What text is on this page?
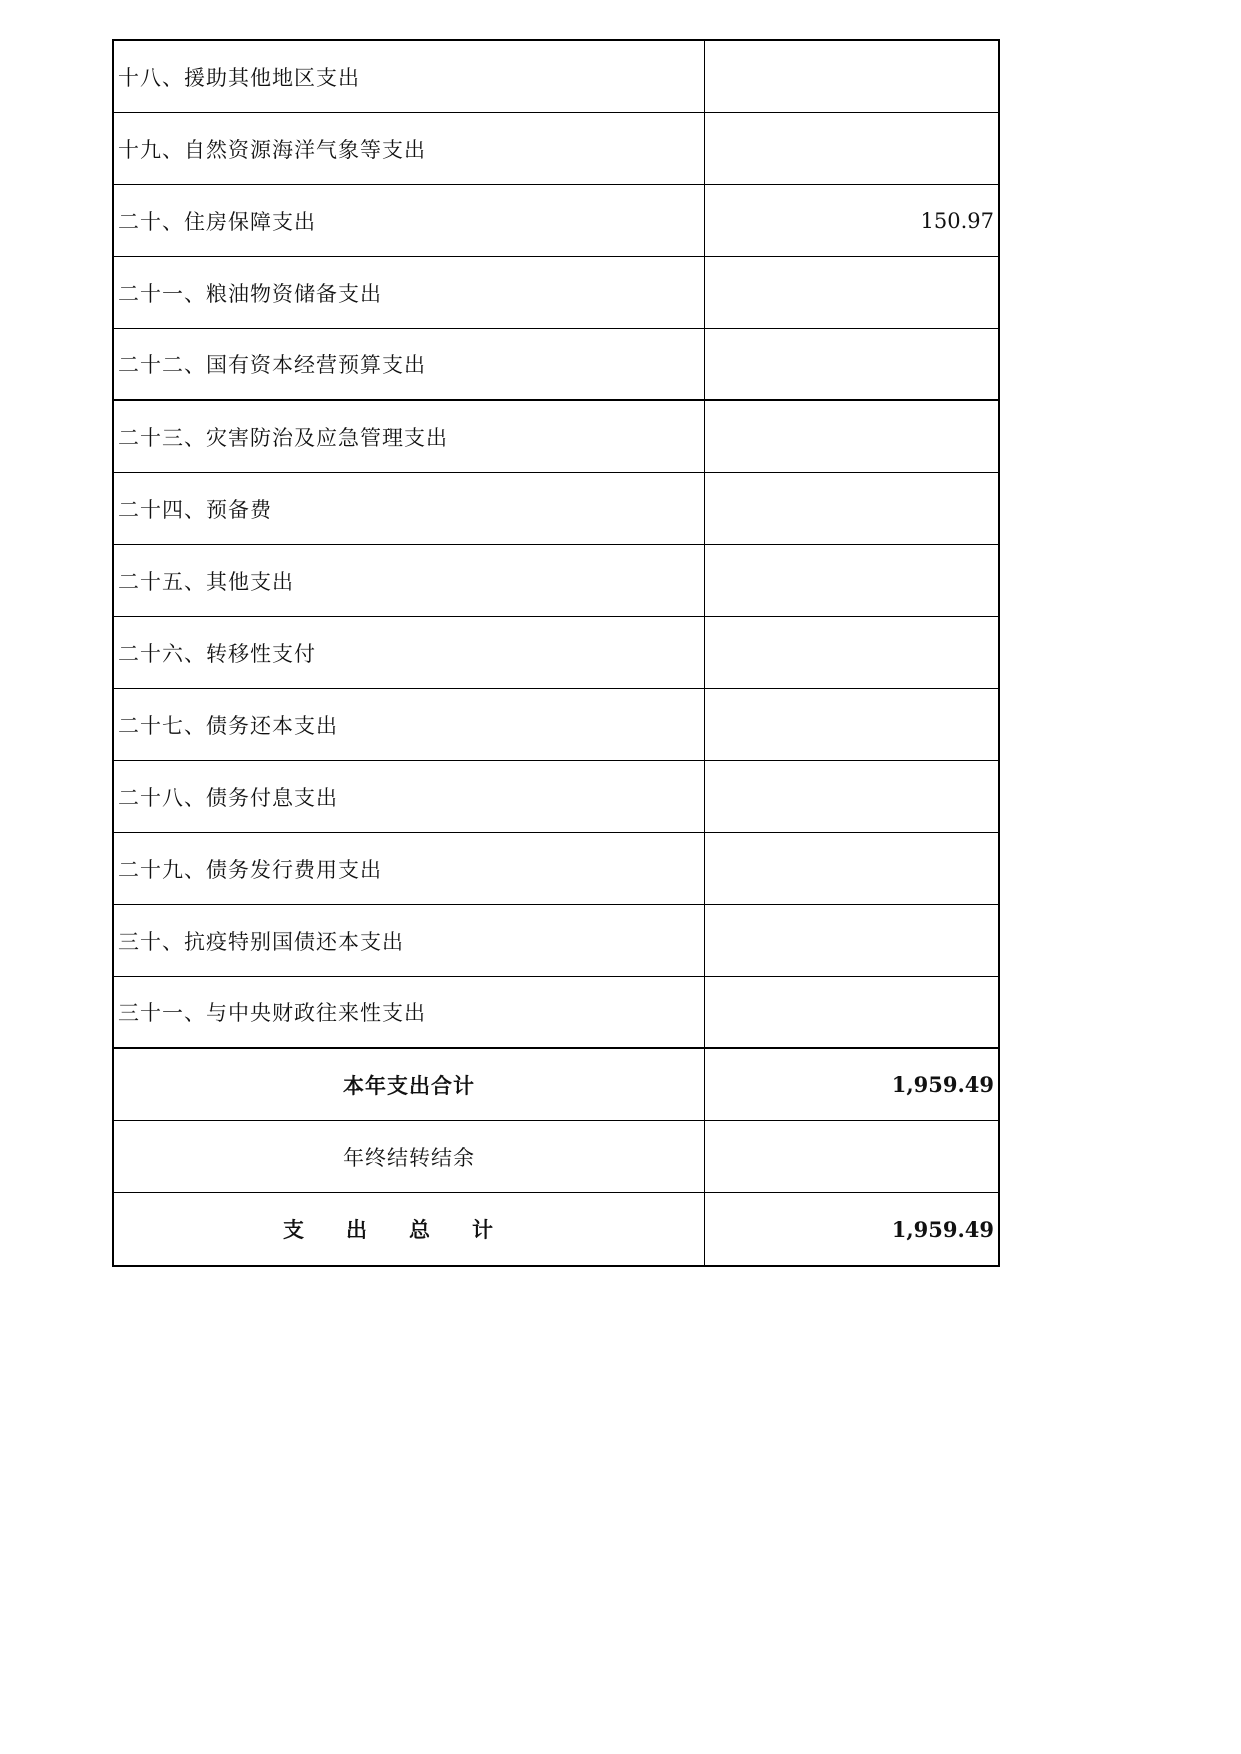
十八、援助其他地区支出
十九、自然资源海洋气象等支出
二十、住房保障支出	150.97
二十一、粮油物资储备支出
二十二、国有资本经营预算支出
二十三、灾害防治及应急管理支出
二十四、预备费
二十五、其他支出
二十六、转移性支付
二十七、债务还本支出
二十八、债务付息支出
二十九、债务发行费用支出
三十、抗疫特别国债还本支出
三十一、与中央财政往来性支出
本年支出合计	1,959.49
年终结转结余
支出总计	1,959.49
